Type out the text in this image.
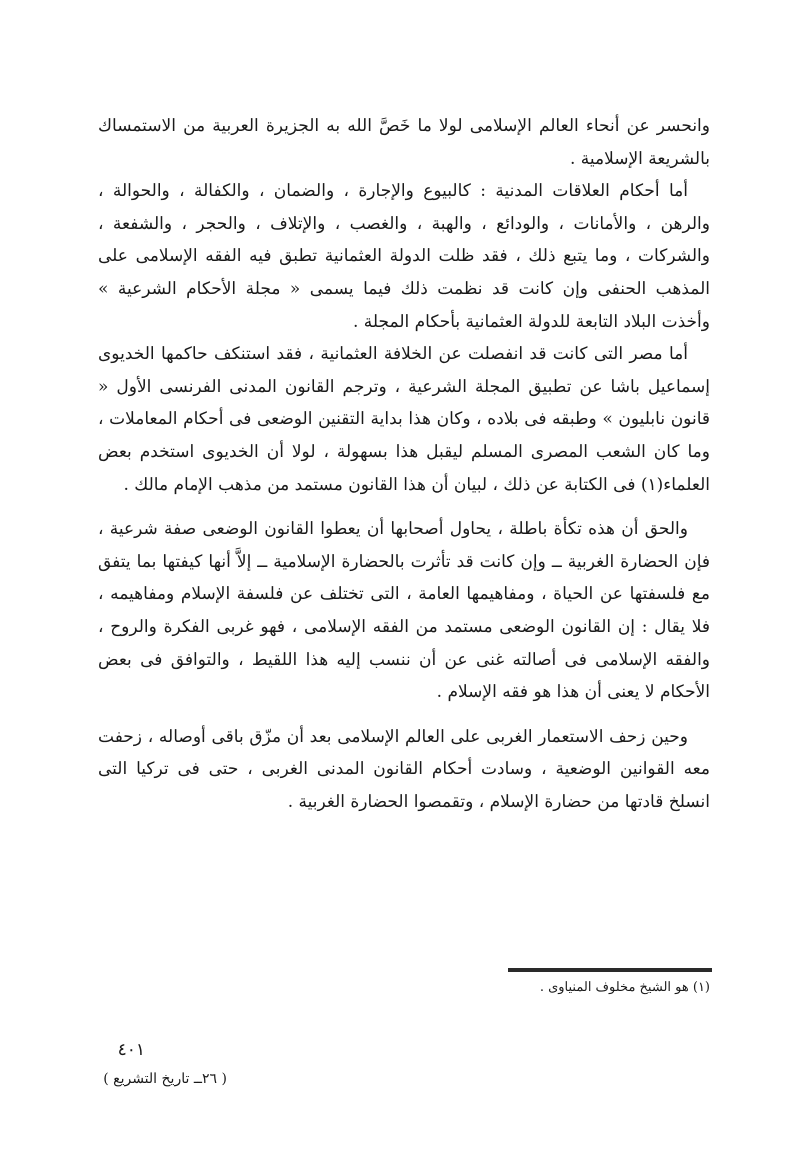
وانحسر عن أنحاء العالم الإسلامى لولا ما خَصَّ الله به الجزيرة العربية من الاستمساك بالشريعة الإسلامية .

أما أحكام العلاقات المدنية : كالبيوع والإجارة ، والضمان ، والكفالة ، والحوالة ، والرهن ، والأمانات ، والودائع ، والهبة ، والغصب ، والإتلاف ، والحجر ، والشفعة ، والشركات ، وما يتبع ذلك ، فقد ظلت الدولة العثمانية تطبق فيه الفقه الإسلامى على المذهب الحنفى وإن كانت قد نظمت ذلك فيما يسمى « مجلة الأحكام الشرعية » وأخذت البلاد التابعة للدولة العثمانية بأحكام المجلة .

أما مصر التى كانت قد انفصلت عن الخلافة العثمانية ، فقد استنكف حاكمها الخديوى إسماعيل باشا عن تطبيق المجلة الشرعية ، وترجم القانون المدنى الفرنسى الأول « قانون نابليون » وطبقه فى بلاده ، وكان هذا بداية التقنين الوضعى فى أحكام المعاملات ، وما كان الشعب المصرى المسلم ليقبل هذا بسهولة ، لولا أن الخديوى استخدم بعض العلماء(١) فى الكتابة عن ذلك ، لبيان أن هذا القانون مستمد من مذهب الإمام مالك .

والحق أن هذه تكأة باطلة ، يحاول أصحابها أن يعطوا القانون الوضعى صفة شرعية ، فإن الحضارة الغربية ــ وإن كانت قد تأثرت بالحضارة الإسلامية ــ إلاَّ أنها كيفتها بما يتفق مع فلسفتها عن الحياة ، ومفاهيمها العامة ، التى تختلف عن فلسفة الإسلام ومفاهيمه ، فلا يقال : إن القانون الوضعى مستمد من الفقه الإسلامى ، فهو غربى الفكرة والروح ، والفقه الإسلامى فى أصالته غنى عن أن ننسب إليه هذا اللقيط ، والتوافق فى بعض الأحكام لا يعنى أن هذا هو فقه الإسلام .

وحين زحف الاستعمار الغربى على العالم الإسلامى بعد أن مزّق باقى أوصاله ، زحفت معه القوانين الوضعية ، وسادت أحكام القانون المدنى الغربى ، حتى فى تركيا التى انسلخ قادتها من حضارة الإسلام ، وتقمصوا الحضارة الغربية .

(١) هو الشيخ مخلوف المنياوى .
٤٠١
( ٢٦ــ تاريخ التشريع )
